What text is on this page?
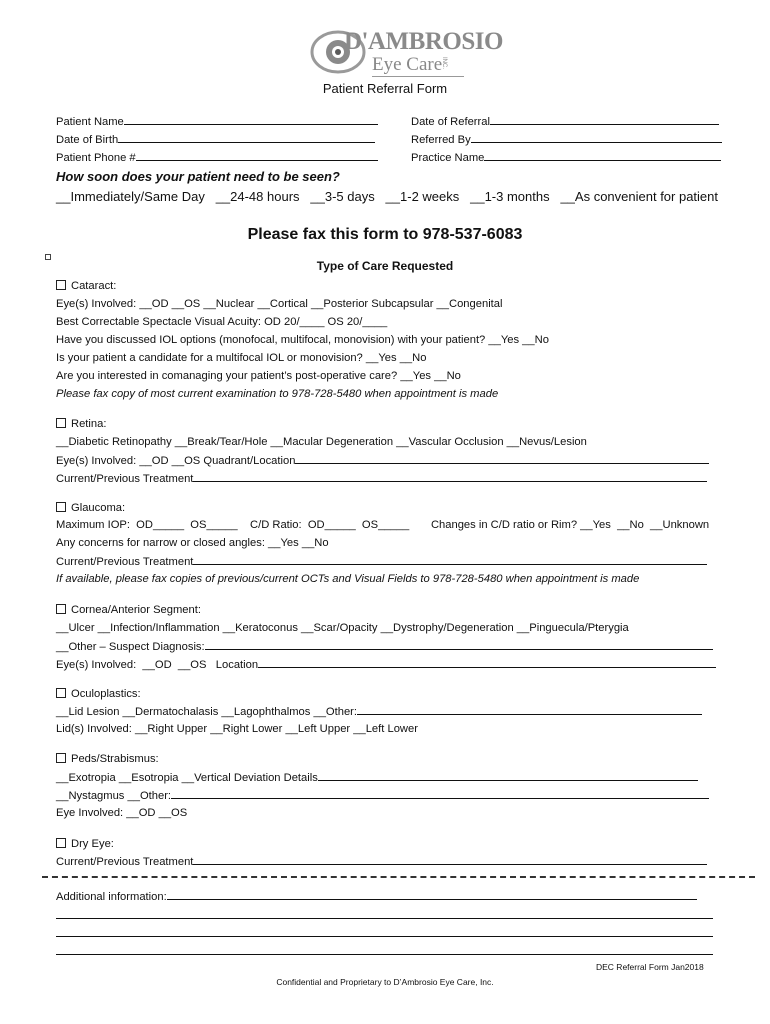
D'AMBROSIO
Eye Care
INC.
Patient Referral Form
Patient Name
Date of Birth
Patient Phone #
Date of Referral
Referred By
Practice Name
How soon does your patient need to be seen?
__Immediately/Same Day __24-48 hours __3-5 days __1-2 weeks __1-3 months __As convenient for patient
Please fax this form to 978-537-6083
Type of Care Requested
Cataract:
Eye(s) Involved: __OD __OS __Nuclear __Cortical __Posterior Subcapsular __Congenital
Best Correctable Spectacle Visual Acuity: OD 20/____ OS 20/____
Have you discussed IOL options (monofocal, multifocal, monovision) with your patient? __Yes __No
Is your patient a candidate for a multifocal IOL or monovision? __Yes __No
Are you interested in comanaging your patient’s post-operative care? __Yes __No
Please fax copy of most current examination to 978-728-5480 when appointment is made
Retina:
__Diabetic Retinopathy __Break/Tear/Hole __Macular Degeneration __Vascular Occlusion __Nevus/Lesion
Eye(s) Involved: __OD __OS Quadrant/Location
Current/Previous Treatment
Glaucoma:
Maximum IOP:  OD_____  OS_____    C/D Ratio:  OD_____  OS_____       Changes in C/D ratio or Rim? __Yes  __No  __Unknown
Any concerns for narrow or closed angles: __Yes __No
Current/Previous Treatment
If available, please fax copies of previous/current OCTs and Visual Fields to 978-728-5480 when appointment is made
Cornea/Anterior Segment:
__Ulcer __Infection/Inflammation __Keratoconus __Scar/Opacity __Dystrophy/Degeneration __Pinguecula/Pterygia
__Other – Suspect Diagnosis:
Eye(s) Involved:  __OD  __OS   Location
Oculoplastics:
__Lid Lesion __Dermatochalasis __Lagophthalmos __Other:
Lid(s) Involved: __Right Upper __Right Lower __Left Upper __Left Lower
Peds/Strabismus:
__Exotropia __Esotropia __Vertical Deviation Details
__Nystagmus __Other:
Eye Involved: __OD __OS
Dry Eye:
Current/Previous Treatment
Additional information:
DEC Referral Form Jan2018
Confidential and Proprietary to D’Ambrosio Eye Care, Inc.
